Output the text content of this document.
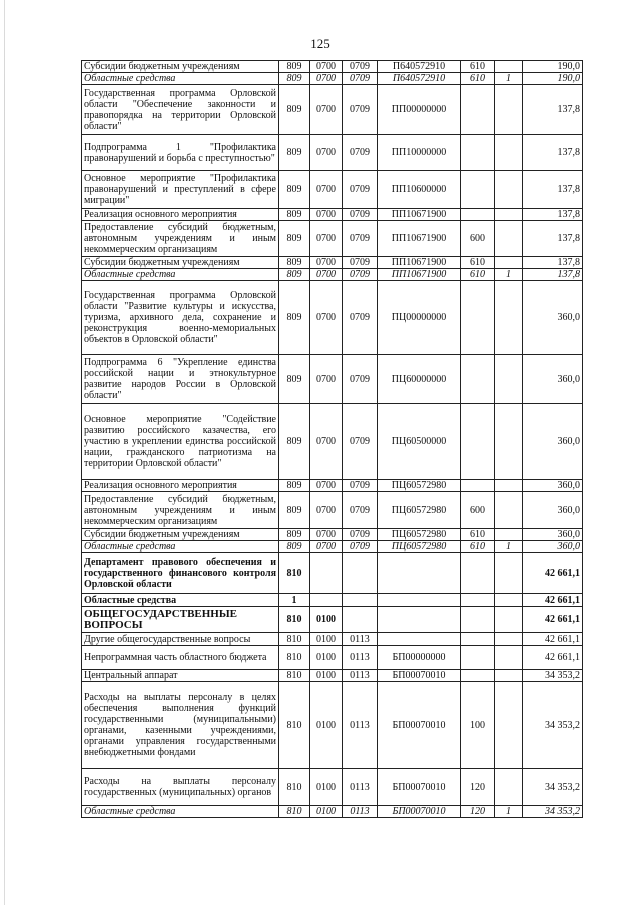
125
Субсидии бюджетным учреждениям	809	0700	0709	П640572910	610		190,0
Областные средства	809	0700	0709	П640572910	610	1	190,0
Государственная программа Орловской области "Обеспечение законности и правопорядка на территории Орловской области"	809	0700	0709	ПП00000000			137,8
Подпрограмма 1 "Профилактика правонарушений и борьба с преступностью"	809	0700	0709	ПП10000000			137,8
Основное мероприятие "Профилактика правонарушений и преступлений в сфере миграции"	809	0700	0709	ПП10600000			137,8
Реализация основного мероприятия	809	0700	0709	ПП10671900			137,8
Предоставление субсидий бюджетным, автономным учреждениям и иным некоммерческим организациям	809	0700	0709	ПП10671900	600		137,8
Субсидии бюджетным учреждениям	809	0700	0709	ПП10671900	610		137,8
Областные средства	809	0700	0709	ПП10671900	610	1	137,8
Государственная программа Орловской области "Развитие культуры и искусства, туризма, архивного дела, сохранение и реконструкция военно-мемориальных объектов в Орловской области"	809	0700	0709	ПЦ00000000			360,0
Подпрограмма 6 "Укрепление единства российской нации и этнокультурное развитие народов России в Орловской области"	809	0700	0709	ПЦ60000000			360,0
Основное мероприятие "Содействие развитию российского казачества, его участию в укреплении единства российской нации, гражданского патриотизма на территории Орловской области"	809	0700	0709	ПЦ60500000			360,0
Реализация основного мероприятия	809	0700	0709	ПЦ60572980			360,0
Предоставление субсидий бюджетным, автономным учреждениям и иным некоммерческим организациям	809	0700	0709	ПЦ60572980	600		360,0
Субсидии бюджетным учреждениям	809	0700	0709	ПЦ60572980	610		360,0
Областные средства	809	0700	0709	ПЦ60572980	610	1	360,0
Департамент правового обеспечения и государственного финансового контроля Орловской области	810						42 661,1
Областные средства	1						42 661,1
ОБЩЕГОСУДАРСТВЕННЫЕ ВОПРОСЫ	810	0100					42 661,1
Другие общегосударственные вопросы	810	0100	0113				42 661,1
Непрограммная часть областного бюджета	810	0100	0113	БП00000000			42 661,1
Центральный аппарат	810	0100	0113	БП00070010			34 353,2
Расходы на выплаты персоналу в целях обеспечения выполнения функций государственными (муниципальными) органами, казенными учреждениями, органами управления государственными внебюджетными фондами	810	0100	0113	БП00070010	100		34 353,2
Расходы на выплаты персоналу государственных (муниципальных) органов	810	0100	0113	БП00070010	120		34 353,2
Областные средства	810	0100	0113	БП00070010	120	1	34 353,2
